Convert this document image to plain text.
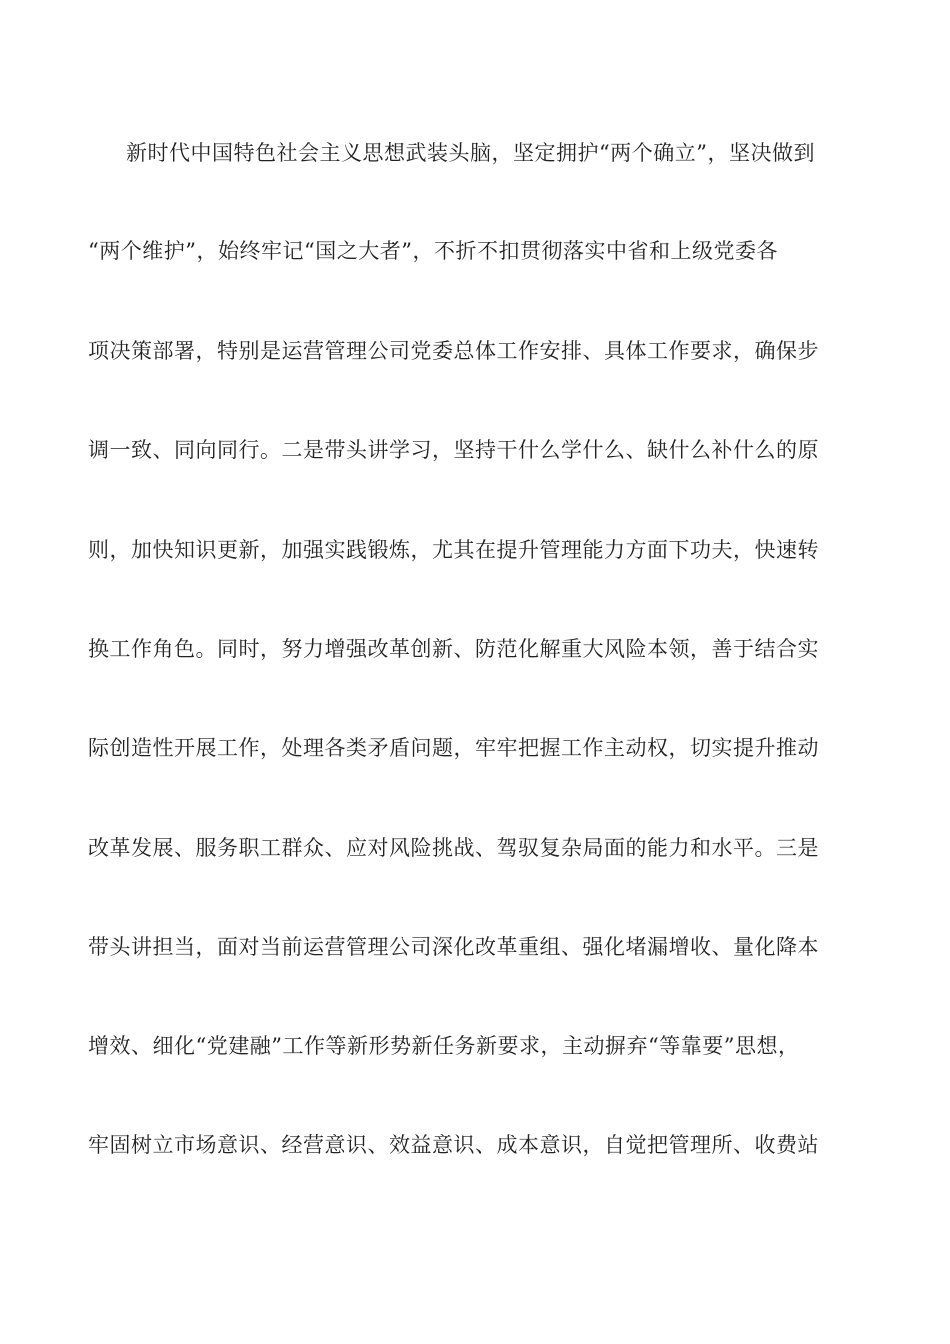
新时代中国特色社会主义思想武装头脑，坚定拥护“两个确立”，坚决做到
“两个维护”，始终牢记“国之大者”，不折不扣贯彻落实中省和上级党委各
项决策部署，特别是运营管理公司党委总体工作安排、具体工作要求，确保步
调一致、同向同行。二是带头讲学习，坚持干什么学什么、缺什么补什么的原
则，加快知识更新，加强实践锻炼，尤其在提升管理能力方面下功夫，快速转
换工作角色。同时，努力增强改革创新、防范化解重大风险本领，善于结合实
际创造性开展工作，处理各类矛盾问题，牢牢把握工作主动权，切实提升推动
改革发展、服务职工群众、应对风险挑战、驾驭复杂局面的能力和水平。三是
带头讲担当，面对当前运营管理公司深化改革重组、强化堵漏增收、量化降本
增效、细化“党建融”工作等新形势新任务新要求，主动摒弃“等靠要”思想，
牢固树立市场意识、经营意识、效益意识、成本意识，自觉把管理所、收费站
